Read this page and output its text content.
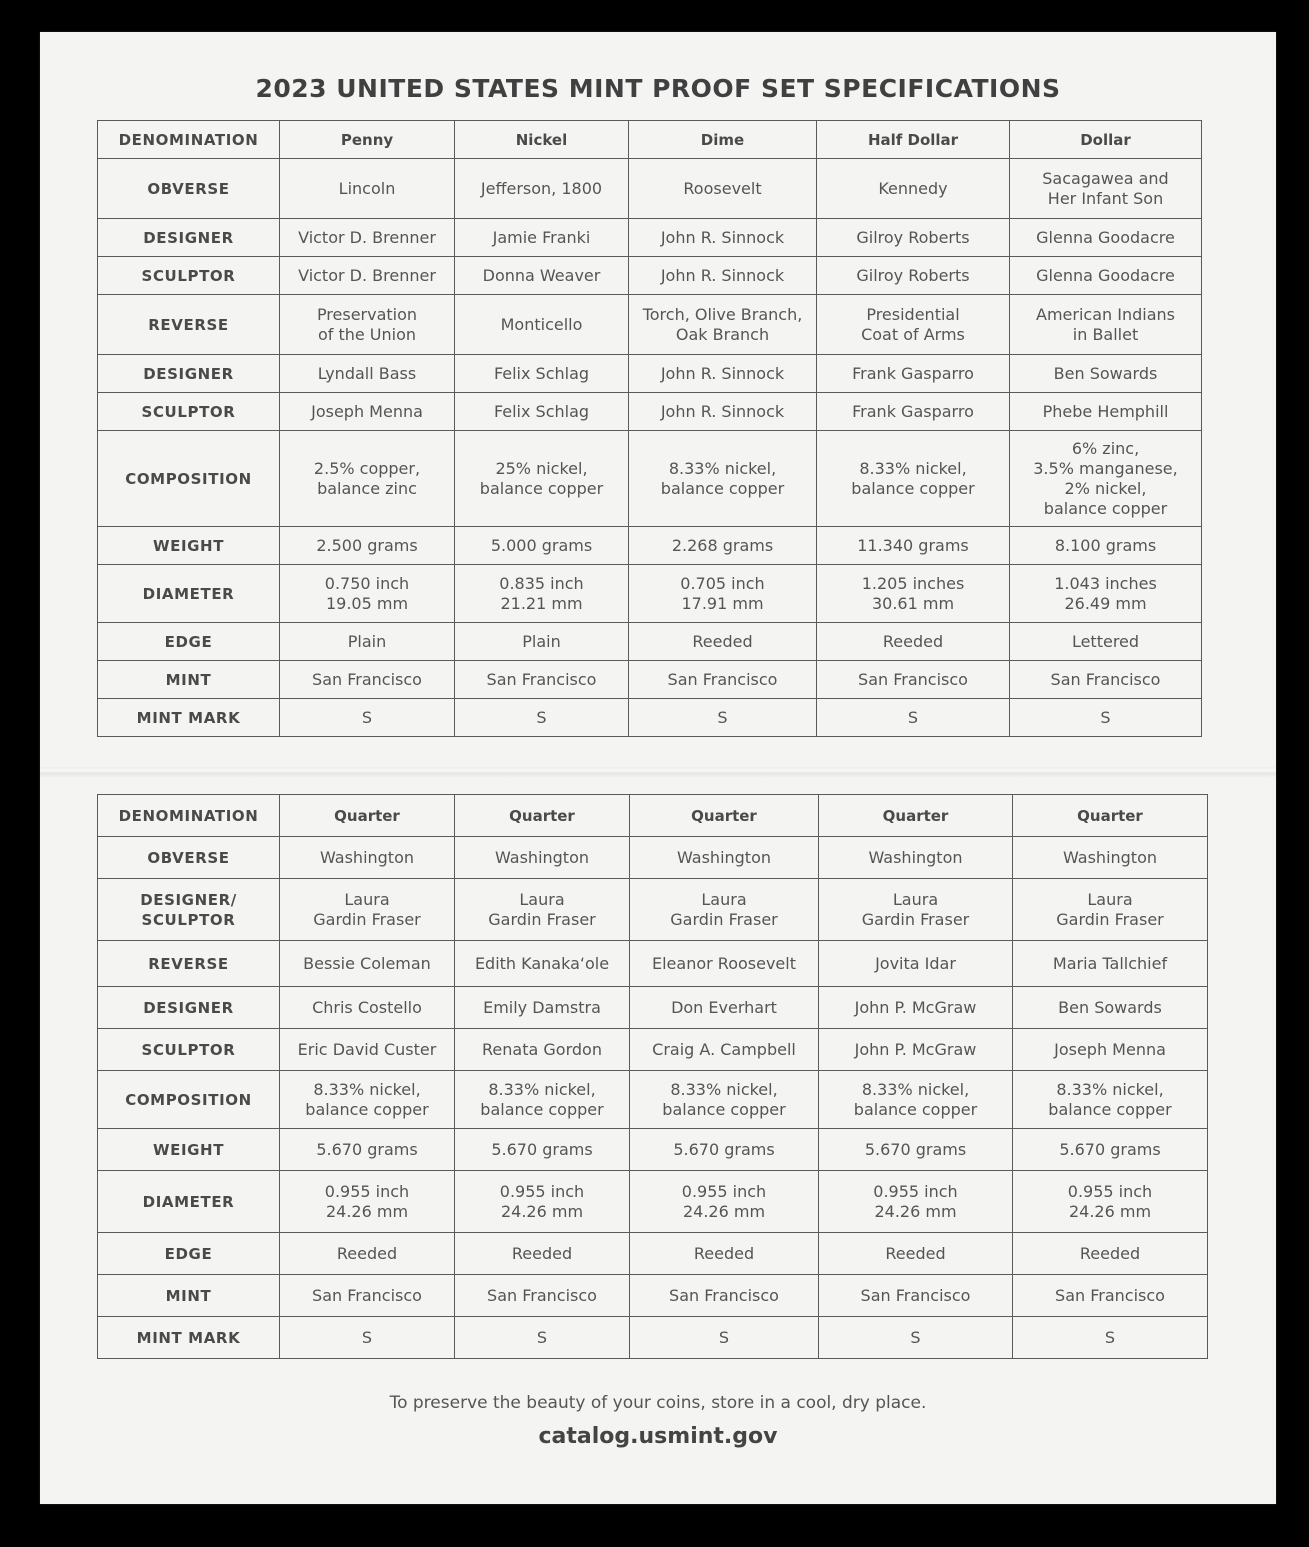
2023 UNITED STATES MINT PROOF SET SPECIFICATIONS
DENOMINATION	Penny	Nickel	Dime	Half Dollar	Dollar
OBVERSE	Lincoln	Jefferson, 1800	Roosevelt	Kennedy	Sacagawea and
Her Infant Son
DESIGNER	Victor D. Brenner	Jamie Franki	John R. Sinnock	Gilroy Roberts	Glenna Goodacre
SCULPTOR	Victor D. Brenner	Donna Weaver	John R. Sinnock	Gilroy Roberts	Glenna Goodacre
REVERSE	Preservation
of the Union	Monticello	Torch, Olive Branch,
Oak Branch	Presidential
Coat of Arms	American Indians
in Ballet
DESIGNER	Lyndall Bass	Felix Schlag	John R. Sinnock	Frank Gasparro	Ben Sowards
SCULPTOR	Joseph Menna	Felix Schlag	John R. Sinnock	Frank Gasparro	Phebe Hemphill
COMPOSITION	2.5% copper,
balance zinc	25% nickel,
balance copper	8.33% nickel,
balance copper	8.33% nickel,
balance copper	6% zinc,
3.5% manganese,
2% nickel,
balance copper
WEIGHT	2.500 grams	5.000 grams	2.268 grams	11.340 grams	8.100 grams
DIAMETER	0.750 inch
19.05 mm	0.835 inch
21.21 mm	0.705 inch
17.91 mm	1.205 inches
30.61 mm	1.043 inches
26.49 mm
EDGE	Plain	Plain	Reeded	Reeded	Lettered
MINT	San Francisco	San Francisco	San Francisco	San Francisco	San Francisco
MINT MARK	S	S	S	S	S
DENOMINATION	Quarter	Quarter	Quarter	Quarter	Quarter
OBVERSE	Washington	Washington	Washington	Washington	Washington
DESIGNER/
SCULPTOR	Laura
Gardin Fraser	Laura
Gardin Fraser	Laura
Gardin Fraser	Laura
Gardin Fraser	Laura
Gardin Fraser
REVERSE	Bessie Coleman	Edith Kanaka‘ole	Eleanor Roosevelt	Jovita Idar	Maria Tallchief
DESIGNER	Chris Costello	Emily Damstra	Don Everhart	John P. McGraw	Ben Sowards
SCULPTOR	Eric David Custer	Renata Gordon	Craig A. Campbell	John P. McGraw	Joseph Menna
COMPOSITION	8.33% nickel,
balance copper	8.33% nickel,
balance copper	8.33% nickel,
balance copper	8.33% nickel,
balance copper	8.33% nickel,
balance copper
WEIGHT	5.670 grams	5.670 grams	5.670 grams	5.670 grams	5.670 grams
DIAMETER	0.955 inch
24.26 mm	0.955 inch
24.26 mm	0.955 inch
24.26 mm	0.955 inch
24.26 mm	0.955 inch
24.26 mm
EDGE	Reeded	Reeded	Reeded	Reeded	Reeded
MINT	San Francisco	San Francisco	San Francisco	San Francisco	San Francisco
MINT MARK	S	S	S	S	S
To preserve the beauty of your coins, store in a cool, dry place.
catalog.usmint.gov
